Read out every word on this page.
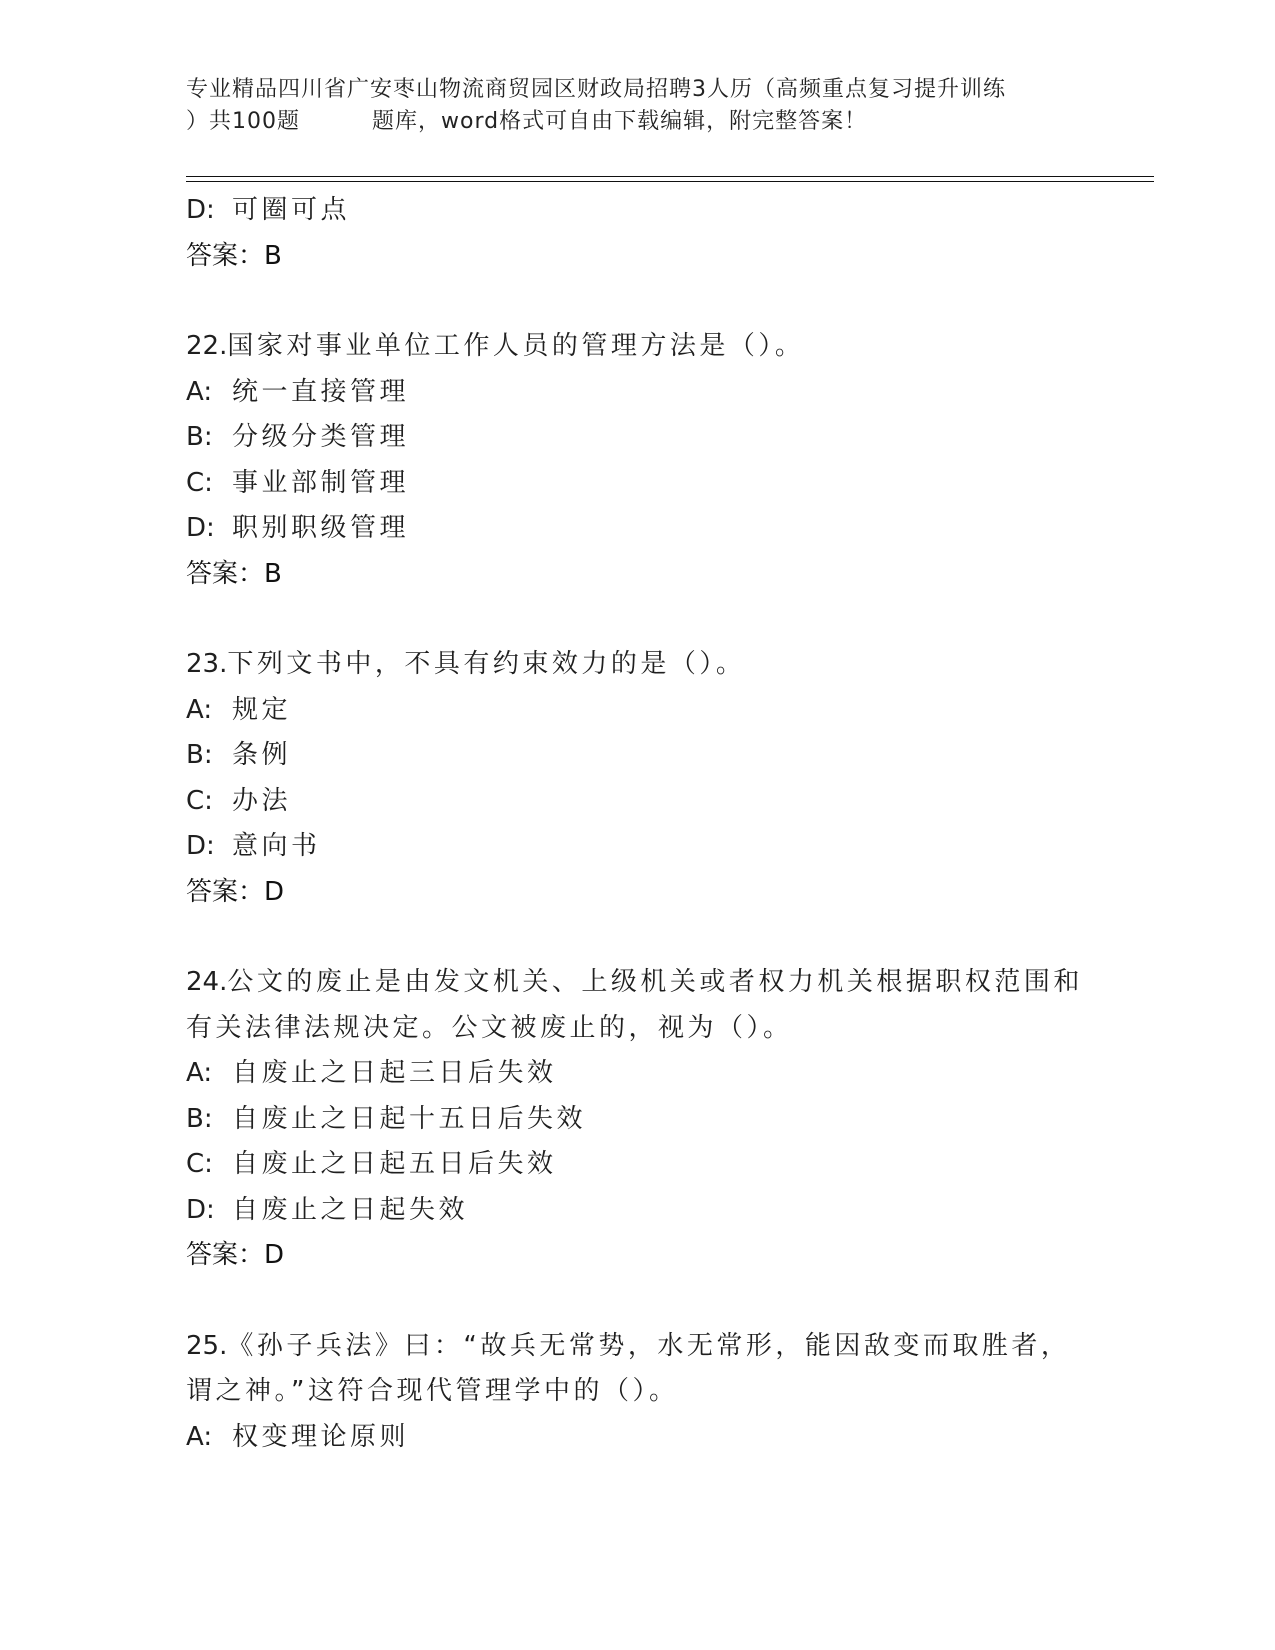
专业精品四川省广安枣山物流商贸园区财政局招聘3人历（高频重点复习提升训练
）共100题	题库，word格式可自由下载编辑，附完整答案！
D: 可圈可点
答案：B
22.国家对事业单位工作人员的管理方法是（）。
A: 统一直接管理
B: 分级分类管理
C: 事业部制管理
D: 职别职级管理
答案：B
23.下列文书中，不具有约束效力的是（）。
A: 规定
B: 条例
C: 办法
D: 意向书
答案：D
24.公文的废止是由发文机关、上级机关或者权力机关根据职权范围和
有关法律法规决定。公文被废止的，视为（）。
A: 自废止之日起三日后失效
B: 自废止之日起十五日后失效
C: 自废止之日起五日后失效
D: 自废止之日起失效
答案：D
25.《孙子兵法》曰：“故兵无常势，水无常形，能因敌变而取胜者，
谓之神。”这符合现代管理学中的（）。
A: 权变理论原则
